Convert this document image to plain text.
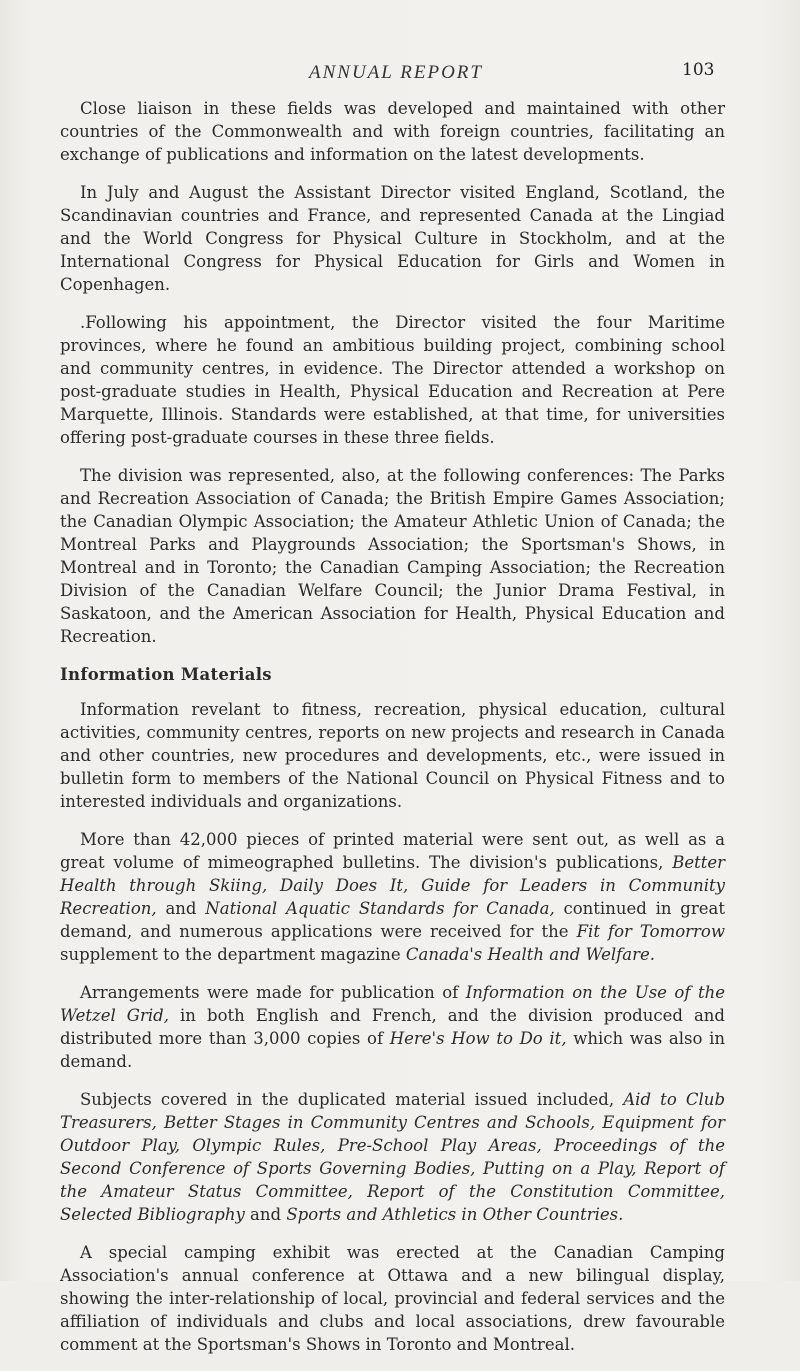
ANNUAL REPORT	103

Close liaison in these fields was developed and maintained with other countries of the Commonwealth and with foreign countries, facilitating an exchange of publications and information on the latest developments.

In July and August the Assistant Director visited England, Scotland, the Scandinavian countries and France, and represented Canada at the Lingiad and the World Congress for Physical Culture in Stockholm, and at the International Congress for Physical Education for Girls and Women in Copenhagen.

.Following his appointment, the Director visited the four Maritime provinces, where he found an ambitious building project, combining school and community centres, in evidence. The Director attended a workshop on post-graduate studies in Health, Physical Education and Recreation at Pere Marquette, Illinois. Standards were established, at that time, for universities offering post-graduate courses in these three fields.

The division was represented, also, at the following conferences: The Parks and Recreation Association of Canada; the British Empire Games Association; the Canadian Olympic Association; the Amateur Athletic Union of Canada; the Montreal Parks and Playgrounds Association; the Sportsman's Shows, in Montreal and in Toronto; the Canadian Camping Association; the Recreation Division of the Canadian Welfare Council; the Junior Drama Festival, in Saskatoon, and the American Association for Health, Physical Education and Recreation.

Information Materials

Information revelant to fitness, recreation, physical education, cultural activities, community centres, reports on new projects and research in Canada and other countries, new procedures and developments, etc., were issued in bulletin form to members of the National Council on Physical Fitness and to interested individuals and organizations.

More than 42,000 pieces of printed material were sent out, as well as a great volume of mimeographed bulletins. The division's publications, Better Health through Skiing, Daily Does It, Guide for Leaders in Community Recreation, and National Aquatic Standards for Canada, continued in great demand, and numerous applications were received for the Fit for Tomorrow supplement to the department magazine Canada's Health and Welfare.

Arrangements were made for publication of Information on the Use of the Wetzel Grid, in both English and French, and the division produced and distributed more than 3,000 copies of Here's How to Do it, which was also in demand.

Subjects covered in the duplicated material issued included, Aid to Club Treasurers, Better Stages in Community Centres and Schools, Equipment for Outdoor Play, Olympic Rules, Pre-School Play Areas, Proceedings of the Second Conference of Sports Governing Bodies, Putting on a Play, Report of the Amateur Status Committee, Report of the Constitution Committee, Selected Bibliography and Sports and Athletics in Other Countries.

A special camping exhibit was erected at the Canadian Camping Association's annual conference at Ottawa and a new bilingual display, showing the inter-relationship of local, provincial and federal services and the affiliation of individuals and clubs and local associations, drew favourable comment at the Sportsman's Shows in Toronto and Montreal.
